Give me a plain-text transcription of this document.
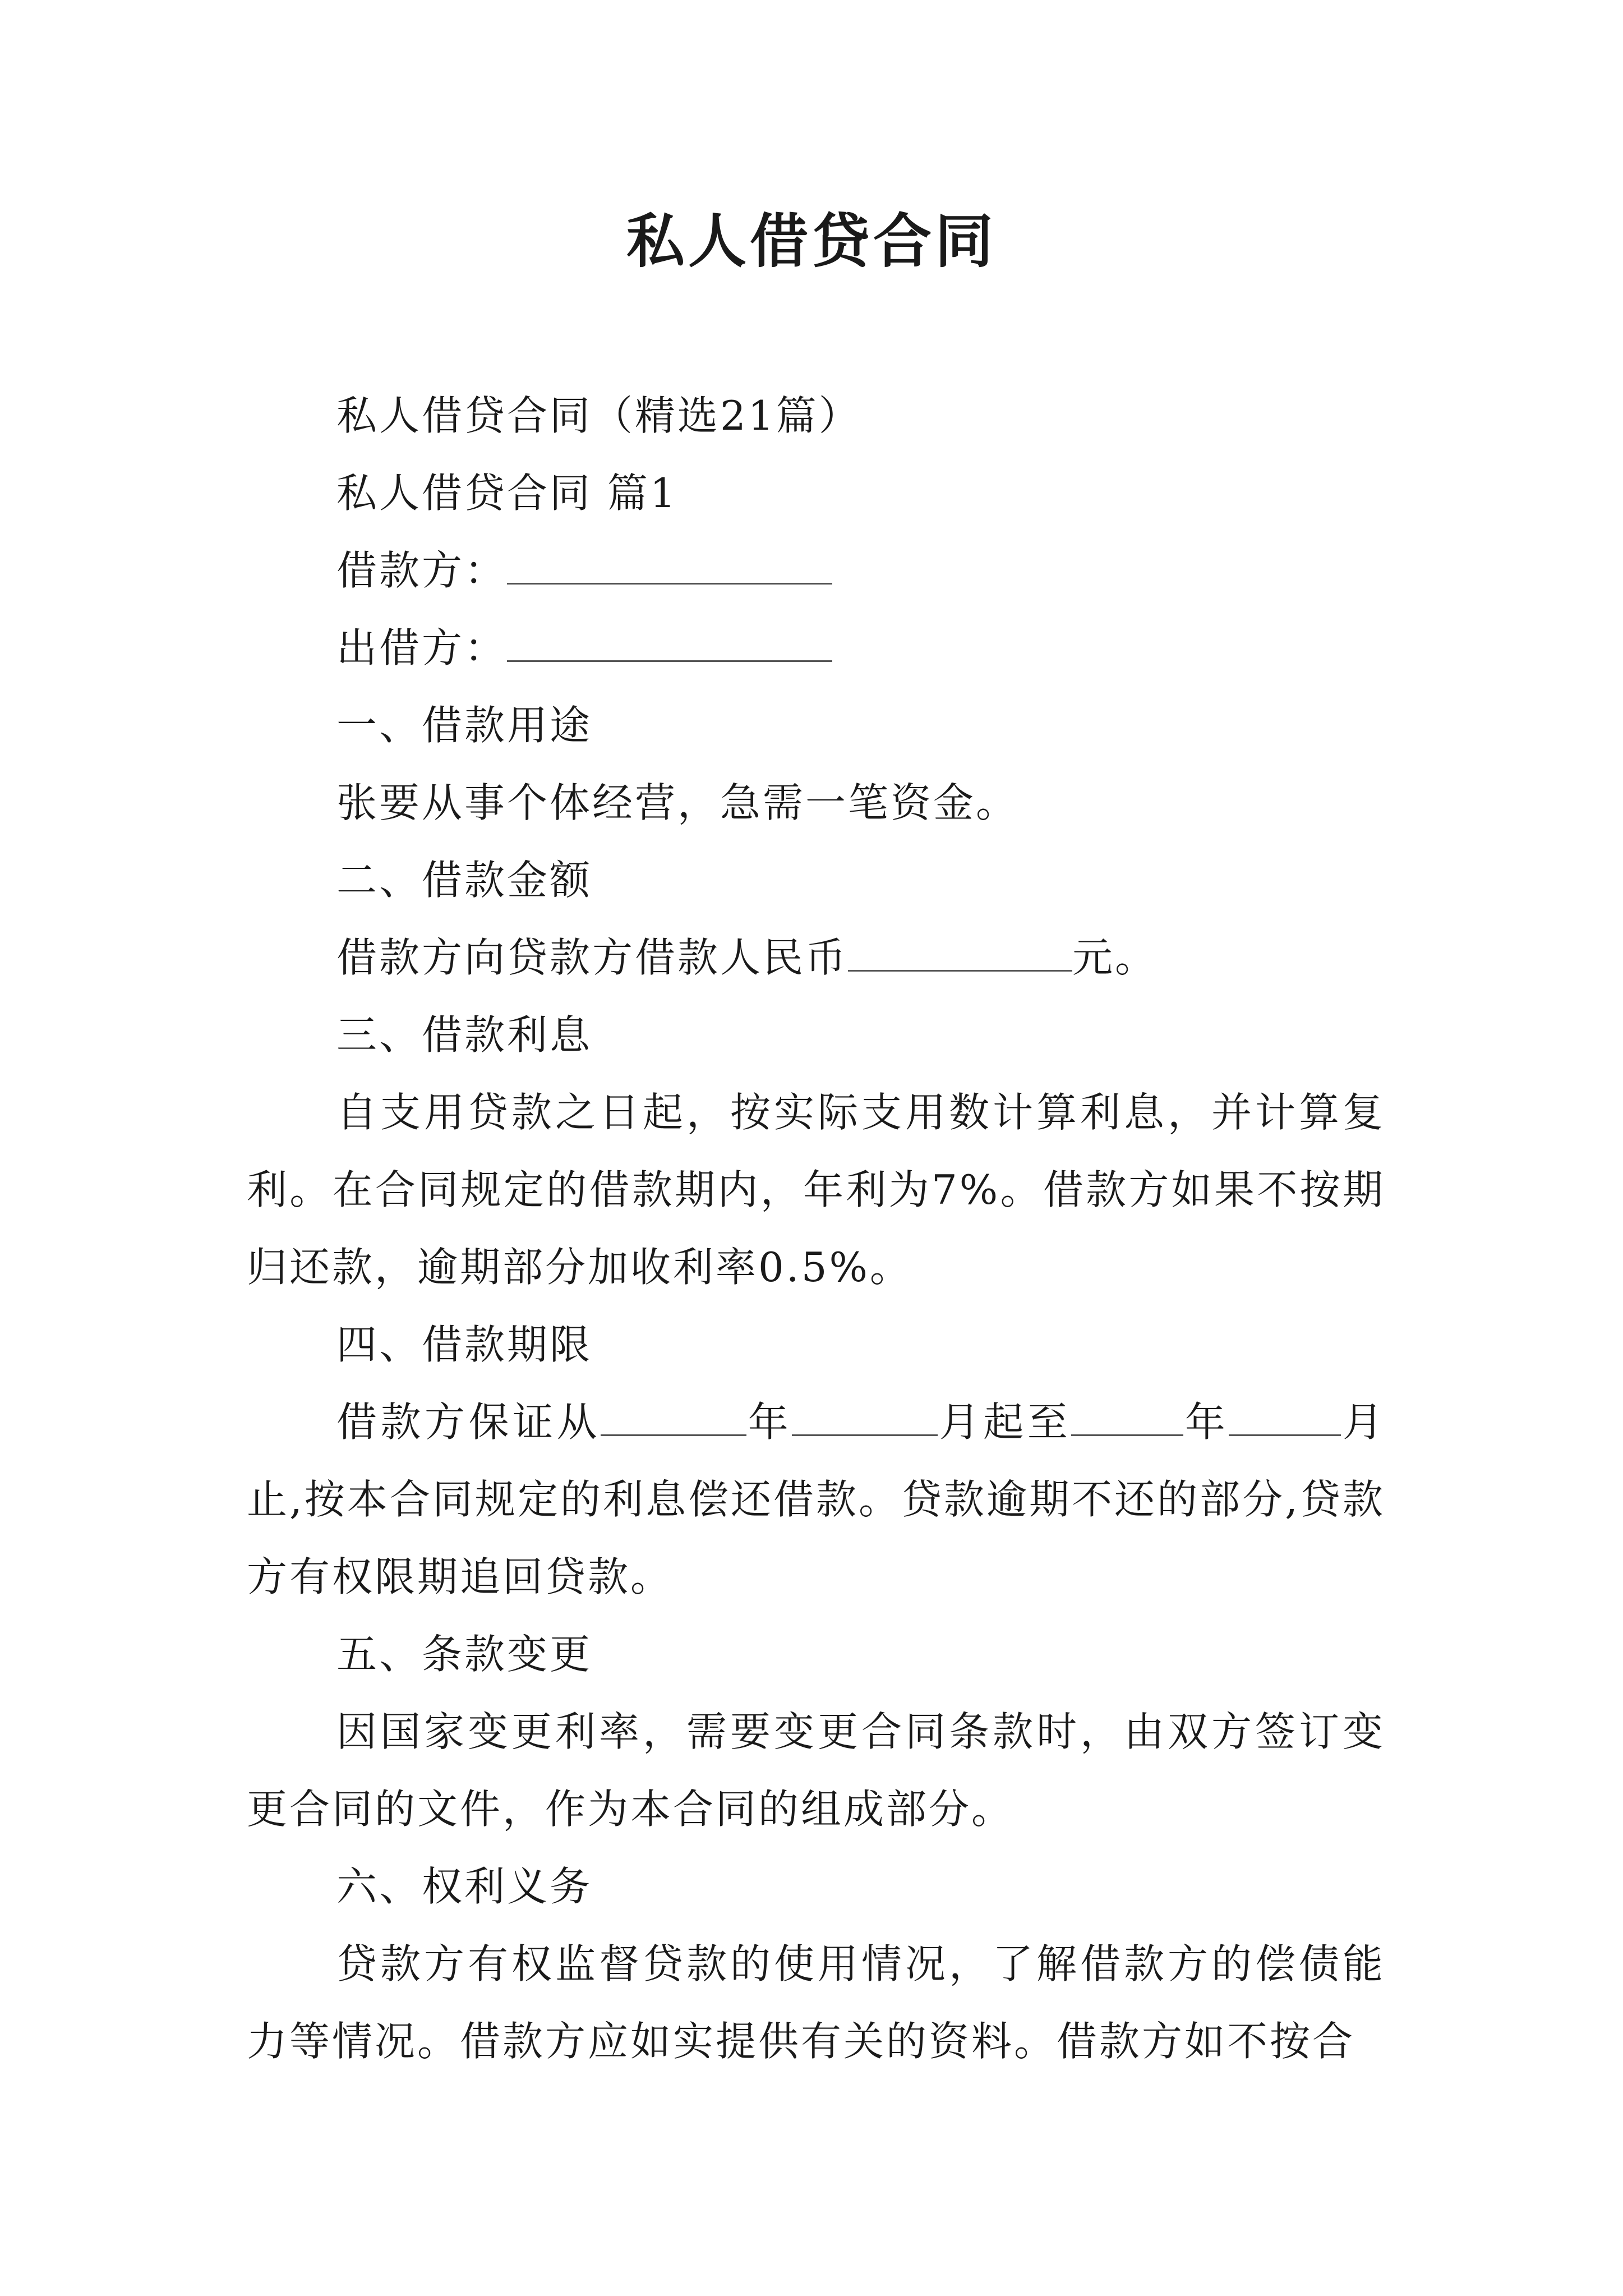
私人借贷合同

私人借贷合同（精选21篇）

私人借贷合同 篇1

借款方：

出借方：

一、借款用途

张要从事个体经营，急需一笔资金。

二、借款金额

借款方向贷款方借款人民币	元。

三、借款利息

自支用贷款之日起，按实际支用数计算利息，并计算复利。在合同规定的借款期内，年利为7%。借款方如果不按期归还款，逾期部分加收利率0.5%。

四、借款期限

借款方保证从	年	月起至	年	月止,按本合同规定的利息偿还借款。贷款逾期不还的部分,贷款方有权限期追回贷款。

五、条款变更

因国家变更利率，需要变更合同条款时，由双方签订变更合同的文件，作为本合同的组成部分。

六、权利义务

贷款方有权监督贷款的使用情况，了解借款方的偿债能力等情况。借款方应如实提供有关的资料。借款方如不按合
